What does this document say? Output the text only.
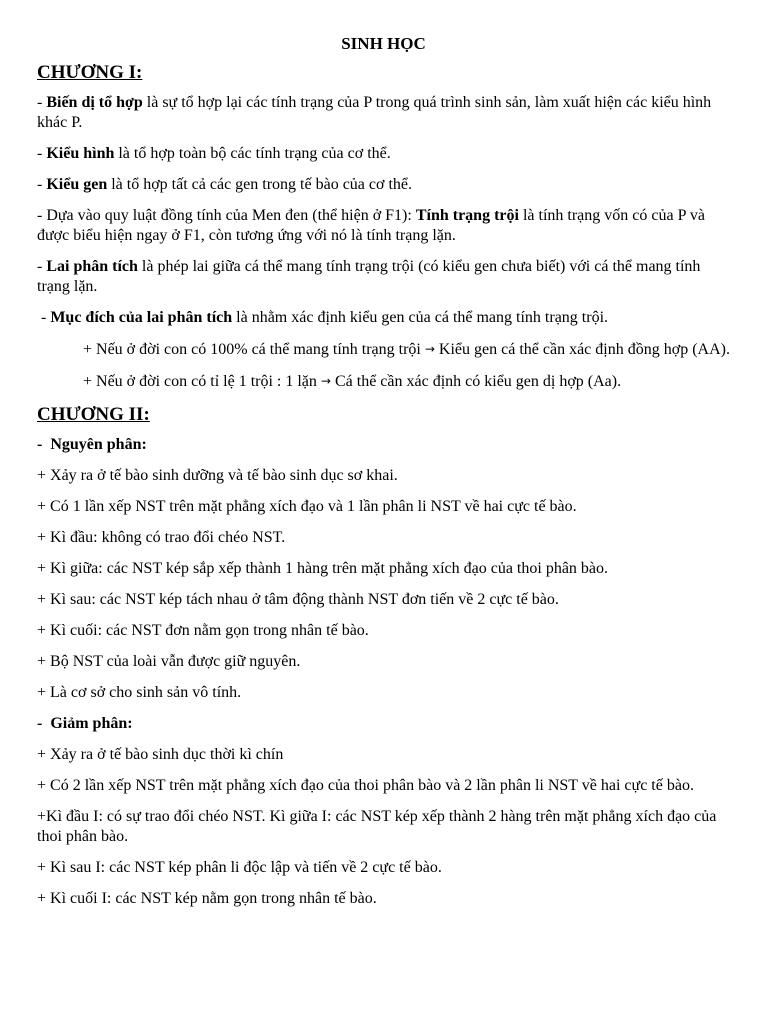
SINH HỌC
CHƯƠNG I:

- Biến dị tổ hợp là sự tổ hợp lại các tính trạng của P trong quá trình sinh sản, làm xuất hiện các kiểu hình khác P.

- Kiểu hình là tổ hợp toàn bộ các tính trạng của cơ thể.

- Kiểu gen là tổ hợp tất cả các gen trong tế bào của cơ thể.

- Dựa vào quy luật đồng tính của Men đen (thể hiện ở F1): Tính trạng trội là tính trạng vốn có của P và được biểu hiện ngay ở F1, còn tương ứng với nó là tính trạng lặn.

- Lai phân tích là phép lai giữa cá thể mang tính trạng trội (có kiểu gen chưa biết) với cá thể mang tính trạng lặn.

- Mục đích của lai phân tích là nhằm xác định kiểu gen của cá thể mang tính trạng trội.

+ Nếu ở đời con có 100% cá thể mang tính trạng trội → Kiểu gen cá thể cần xác định đồng hợp (AA).

+ Nếu ở đời con có tỉ lệ 1 trội : 1 lặn → Cá thể cần xác định có kiểu gen dị hợp (Aa).

CHƯƠNG II:

-  Nguyên phân:

+ Xảy ra ở tế bào sinh dưỡng và tế bào sinh dục sơ khai.

+ Có 1 lần xếp NST trên mặt phẳng xích đạo và 1 lần phân li NST về hai cực tế bào.

+ Kì đầu: không có trao đổi chéo NST.

+ Kì giữa: các NST kép sắp xếp thành 1 hàng trên mặt phẳng xích đạo của thoi phân bào.

+ Kì sau: các NST kép tách nhau ở tâm động thành NST đơn tiến về 2 cực tế bào.

+ Kì cuối: các NST đơn nằm gọn trong nhân tế bào.

+ Bộ NST của loài vẫn được giữ nguyên.

+ Là cơ sở cho sinh sản vô tính.

-  Giảm phân:

+ Xảy ra ở tế bào sinh dục thời kì chín

+ Có 2 lần xếp NST trên mặt phẳng xích đạo của thoi phân bào và 2 lần phân li NST về hai cực tế bào.

+Kì đầu I: có sự trao đổi chéo NST. Kì giữa I: các NST kép xếp thành 2 hàng trên mặt phẳng xích đạo của thoi phân bào.

+ Kì sau I: các NST kép phân li độc lập và tiến về 2 cực tế bào.

+ Kì cuối I: các NST kép nằm gọn trong nhân tế bào.
